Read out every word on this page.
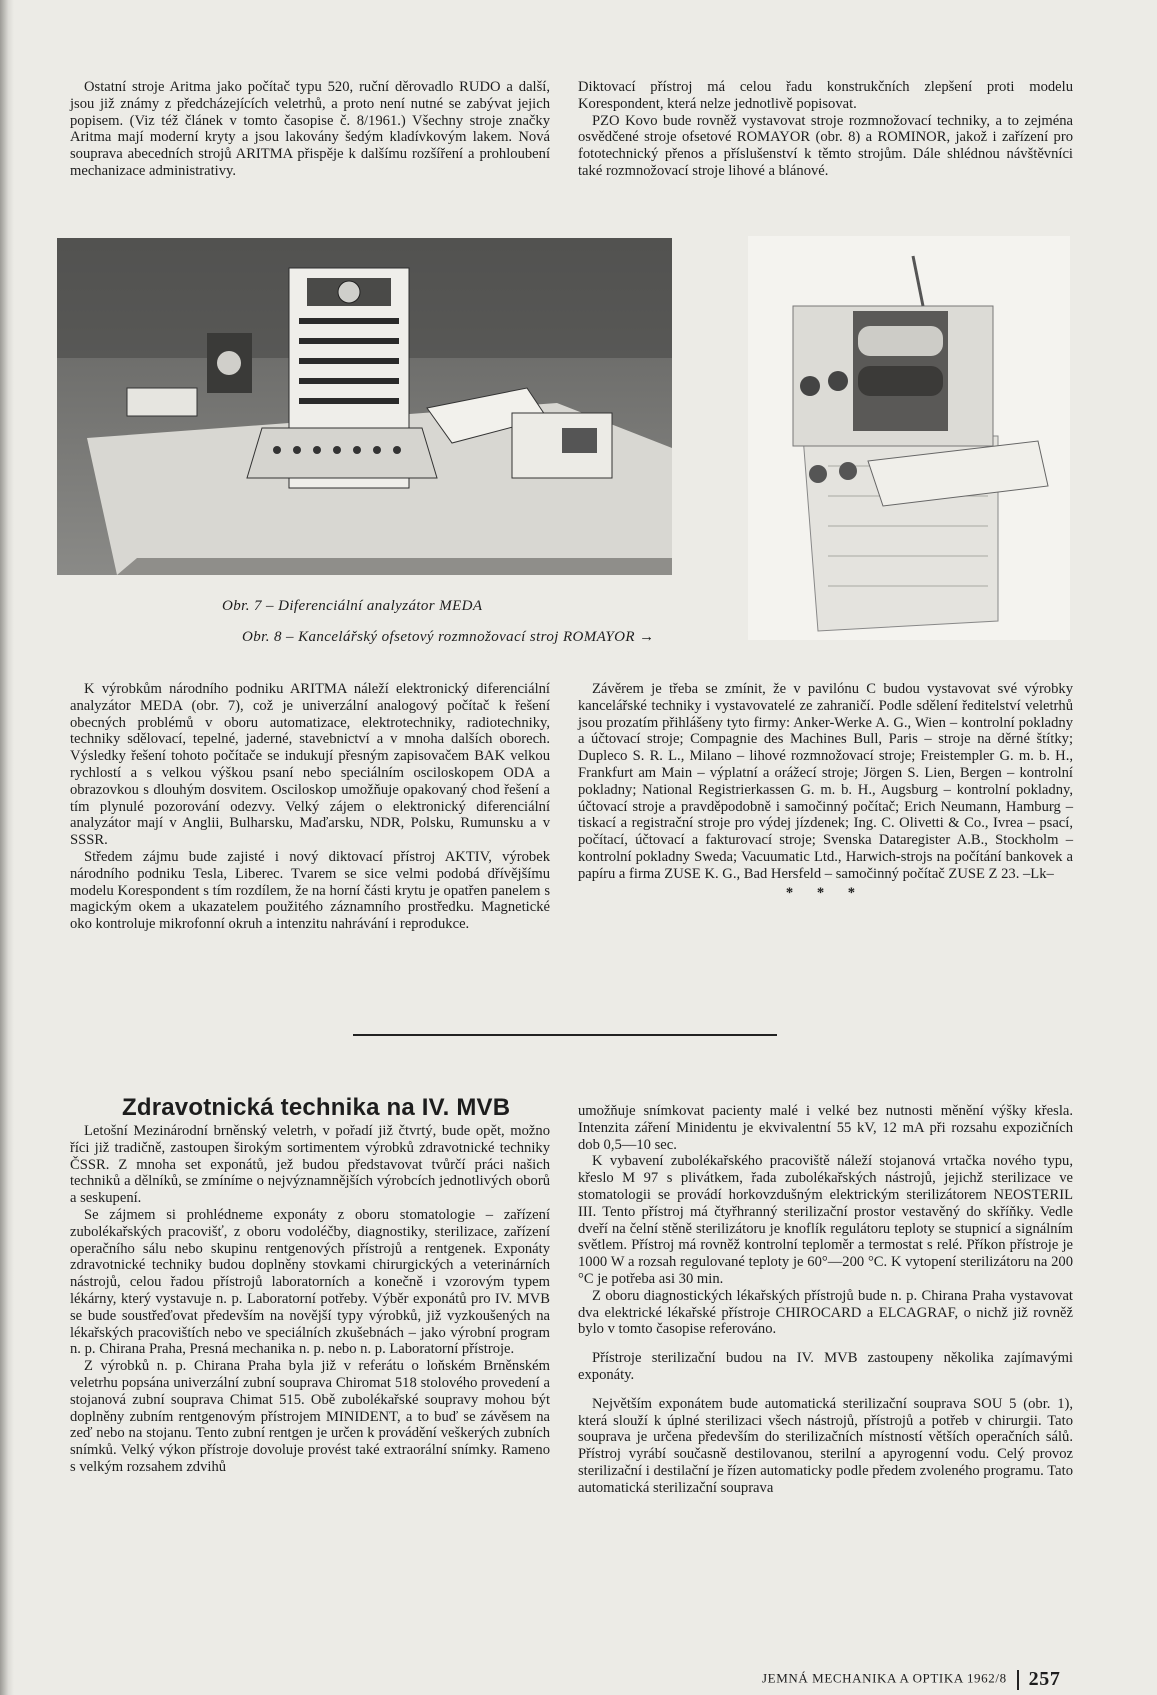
Ostatní stroje Aritma jako počítač typu 520, ruční děrovadlo RUDO a další, jsou již známy z předcházejících veletrhů, a proto není nutné se zabývat jejich popisem. (Viz též článek v tomto časopise č. 8/1961.) Všechny stroje značky Aritma mají moderní kryty a jsou lakovány šedým kladívkovým lakem. Nová souprava abecedních strojů ARITMA přispěje k dalšímu rozšíření a prohloubení mechanizace administrativy.

Diktovací přístroj má celou řadu konstrukčních zlepšení proti modelu Korespondent, která nelze jednotlivě popisovat.

PZO Kovo bude rovněž vystavovat stroje rozmnožovací techniky, a to zejména osvědčené stroje ofsetové ROMAYOR (obr. 8) a ROMINOR, jakož i zařízení pro fototechnický přenos a příslušenství k těmto strojům. Dále shlédnou návštěvníci také rozmnožovací stroje lihové a blánové.

Obr. 7 – Diferenciální analyzátor MEDA
Obr. 8 – Kancelářský ofsetový rozmnožovací stroj ROMAYOR →

K výrobkům národního podniku ARITMA náleží elektronický diferenciální analyzátor MEDA (obr. 7), což je univerzální analogový počítač k řešení obecných problémů v oboru automatizace, elektrotechniky, radiotechniky, techniky sdělovací, tepelné, jaderné, stavebnictví a v mnoha dalších oborech. Výsledky řešení tohoto počítače se indukují přesným zapisovačem BAK velkou rychlostí a s velkou výškou psaní nebo speciálním osciloskopem ODA a obrazovkou s dlouhým dosvitem. Osciloskop umožňuje opakovaný chod řešení a tím plynulé pozorování odezvy. Velký zájem o elektronický diferenciální analyzátor mají v Anglii, Bulharsku, Maďarsku, NDR, Polsku, Rumunsku a v SSSR.

Středem zájmu bude zajisté i nový diktovací přístroj AKTIV, výrobek národního podniku Tesla, Liberec. Tvarem se sice velmi podobá dřívějšímu modelu Korespondent s tím rozdílem, že na horní části krytu je opatřen panelem s magickým okem a ukazatelem použitého záznamního prostředku. Magnetické oko kontroluje mikrofonní okruh a intenzitu nahrávání i reprodukce.

Závěrem je třeba se zmínit, že v pavilónu C budou vystavovat své výrobky kancelářské techniky i vystavovatelé ze zahraničí. Podle sdělení ředitelství veletrhů jsou prozatím přihlášeny tyto firmy: Anker-Werke A. G., Wien – kontrolní pokladny a účtovací stroje; Compagnie des Machines Bull, Paris – stroje na děrné štítky; Dupleco S. R. L., Milano – lihové rozmnožovací stroje; Freistempler G. m. b. H., Frankfurt am Main – výplatní a orážecí stroje; Jörgen S. Lien, Bergen – kontrolní pokladny; National Registrierkassen G. m. b. H., Augsburg – kontrolní pokladny, účtovací stroje a pravděpodobně i samočinný počítač; Erich Neumann, Hamburg – tiskací a registrační stroje pro výdej jízdenek; Ing. C. Olivetti & Co., Ivrea – psací, počítací, účtovací a fakturovací stroje; Svenska Dataregister A.B., Stockholm – kontrolní pokladny Sweda; Vacuumatic Ltd., Harwich-strojs na počítání bankovek a papíru a firma ZUSE K. G., Bad Hersfeld – samočinný počítač ZUSE Z 23. –Lk–

* * *
Zdravotnická technika na IV. MVB

Letošní Mezinárodní brněnský veletrh, v pořadí již čtvrtý, bude opět, možno říci již tradičně, zastoupen širokým sortimentem výrobků zdravotnické techniky ČSSR. Z mnoha set exponátů, jež budou představovat tvůrčí práci našich techniků a dělníků, se zmíníme o nejvýznamnějších výrobcích jednotlivých oborů a seskupení.

Se zájmem si prohlédneme exponáty z oboru stomatologie – zařízení zubolékařských pracovišť, z oboru vodoléčby, diagnostiky, sterilizace, zařízení operačního sálu nebo skupinu rentgenových přístrojů a rentgenek. Exponáty zdravotnické techniky budou doplněny stovkami chirurgických a veterinárních nástrojů, celou řadou přístrojů laboratorních a konečně i vzorovým typem lékárny, který vystavuje n. p. Laboratorní potřeby. Výběr exponátů pro IV. MVB se bude soustřeďovat především na novější typy výrobků, již vyzkoušených na lékařských pracovištích nebo ve speciálních zkušebnách – jako výrobní program n. p. Chirana Praha, Presná mechanika n. p. nebo n. p. Laboratorní přístroje.

Z výrobků n. p. Chirana Praha byla již v referátu o loňském Brněnském veletrhu popsána univerzální zubní souprava Chiromat 518 stolového provedení a stojanová zubní souprava Chimat 515. Obě zubolékařské soupravy mohou být doplněny zubním rentgenovým přístrojem MINIDENT, a to buď se závěsem na zeď nebo na stojanu. Tento zubní rentgen je určen k provádění veškerých zubních snímků. Velký výkon přístroje dovoluje provést také extraorální snímky. Rameno s velkým rozsahem zdvihů

umožňuje snímkovat pacienty malé i velké bez nutnosti měnění výšky křesla. Intenzita záření Minidentu je ekvivalentní 55 kV, 12 mA při rozsahu expozičních dob 0,5—10 sec.

K vybavení zubolékařského pracoviště náleží stojanová vrtačka nového typu, křeslo M 97 s plivátkem, řada zubolékařských nástrojů, jejichž sterilizace ve stomatologii se provádí horkovzdušným elektrickým sterilizátorem NEOSTERIL III. Tento přístroj má čtyřhranný sterilizační prostor vestavěný do skříňky. Vedle dveří na čelní stěně sterilizátoru je knoflík regulátoru teploty se stupnicí a signálním světlem. Přístroj má rovněž kontrolní teploměr a termostat s relé. Příkon přístroje je 1000 W a rozsah regulované teploty je 60°—200 °C. K vytopení sterilizátoru na 200 °C je potřeba asi 30 min.

Z oboru diagnostických lékařských přístrojů bude n. p. Chirana Praha vystavovat dva elektrické lékařské přístroje CHIROCARD a ELCAGRAF, o nichž již rovněž bylo v tomto časopise referováno.

Přístroje sterilizační budou na IV. MVB zastoupeny několika zajímavými exponáty.

Největším exponátem bude automatická sterilizační souprava SOU 5 (obr. 1), která slouží k úplné sterilizaci všech nástrojů, přístrojů a potřeb v chirurgii. Tato souprava je určena především do sterilizačních místností větších operačních sálů. Přístroj vyrábí současně destilovanou, sterilní a apyrogenní vodu. Celý provoz sterilizační i destilační je řízen automaticky podle předem zvoleného programu. Tato automatická sterilizační souprava

JEMNÁ MECHANIKA A OPTIKA 1962/8 257
